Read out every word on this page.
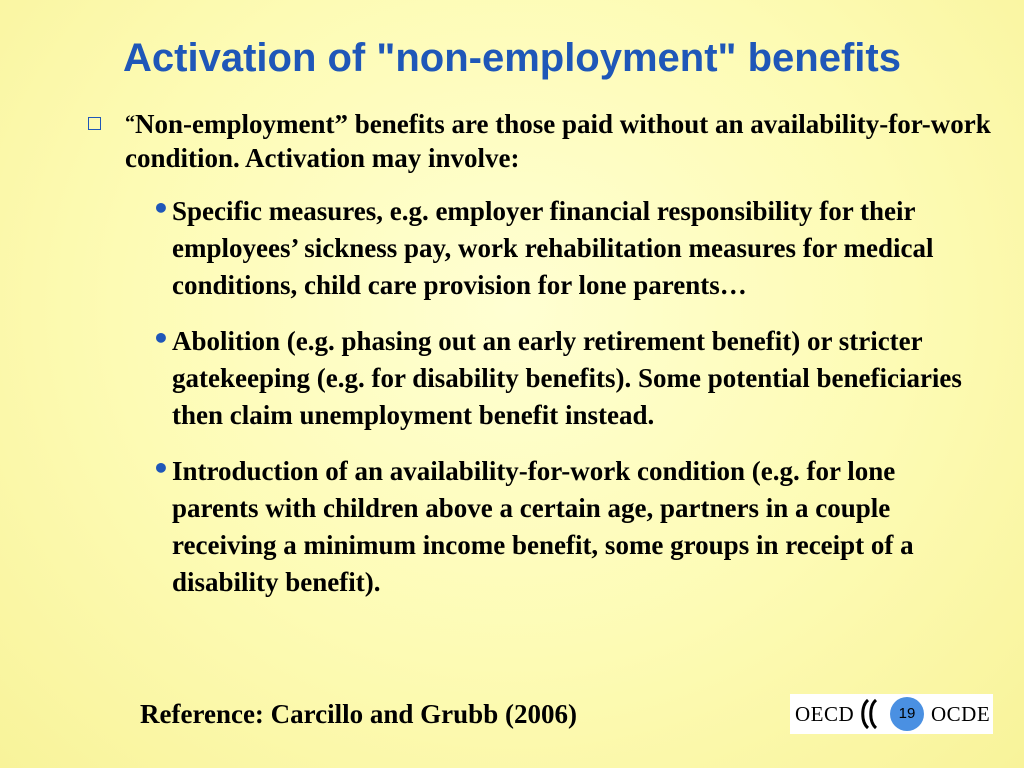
Activation of "non-employment" benefits
“Non-employment” benefits are those paid without an availability-for-work condition. Activation may involve:
• Specific measures, e.g. employer financial responsibility for their employees’ sickness pay, work rehabilitation measures for medical conditions, child care provision for lone parents…
• Abolition (e.g. phasing out an early retirement benefit) or stricter gatekeeping (e.g. for disability benefits). Some potential beneficiaries then claim unemployment benefit instead.
• Introduction of an availability-for-work condition (e.g. for lone parents with children above a certain age, partners in a couple receiving a minimum income benefit, some groups in receipt of a disability benefit).
Reference: Carcillo and Grubb (2006)	OECD	OCDE
19
